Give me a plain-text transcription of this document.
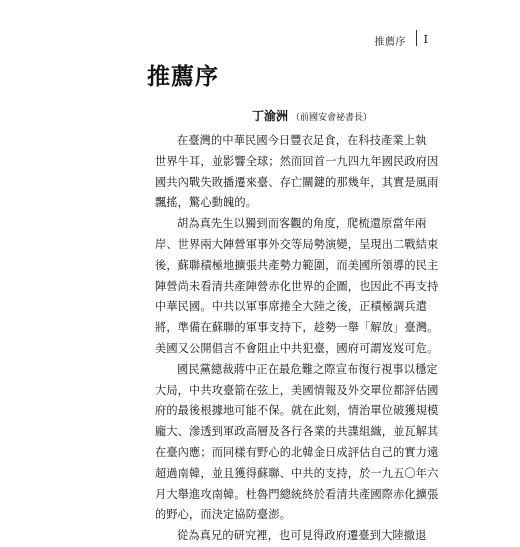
推薦序 I
推薦序
丁渝洲 （前國安會祕書長）
在臺灣的中華民國今日豐衣足食，在科技產業上執
世界牛耳，並影響全球；然而回首一九四九年國民政府因
國共內戰失敗播遷來臺、存亡關鍵的那幾年，其實是風雨
飄搖，驚心動魄的。
胡為真先生以獨到而客觀的角度，爬梳還原當年兩
岸、世界兩大陣營軍事外交等局勢演變，呈現出二戰結束
後，蘇聯積極地擴張共產勢力範圍，而美國所領導的民主
陣營尚未看清共產陣營赤化世界的企圖，也因此不再支持
中華民國。中共以軍事席捲全大陸之後，正積極調兵遣
將，準備在蘇聯的軍事支持下，趁勢一舉「解放」臺灣。
美國又公開倡言不會阻止中共犯臺，國府可謂岌岌可危。
國民黨總裁蔣中正在最危難之際宣布復行視事以穩定
大局，中共攻臺箭在弦上，美國情報及外交單位都評估國
府的最後根據地可能不保。就在此刻，情治單位破獲規模
龐大、滲透到軍政高層及各行各業的共諜組織，並瓦解其
在臺內應；而同樣有野心的北韓金日成評估自己的實力遠
超過南韓，並且獲得蘇聯、中共的支持，於一九五〇年六
月大舉進攻南韓。杜魯門總統終於看清共產國際赤化擴張
的野心，而決定協防臺澎。
從為真兄的研究裡，也可見得政府遷臺到大陸撤退
